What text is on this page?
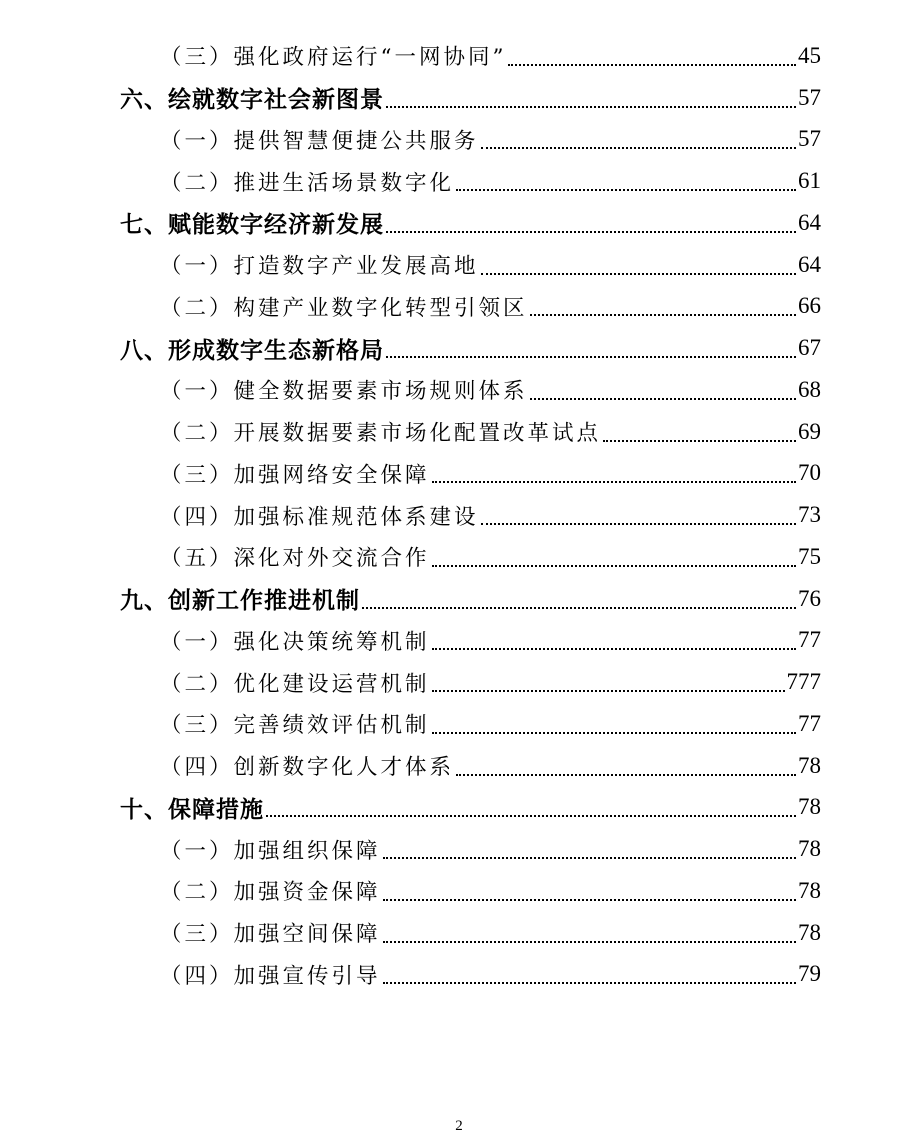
（三）强化政府运行“一网协同”	45
六、绘就数字社会新图景	57
（一）提供智慧便捷公共服务	57
（二）推进生活场景数字化	61
七、赋能数字经济新发展	64
（一）打造数字产业发展高地	64
（二）构建产业数字化转型引领区	66
八、形成数字生态新格局	67
（一）健全数据要素市场规则体系	68
（二）开展数据要素市场化配置改革试点	69
（三）加强网络安全保障	70
（四）加强标准规范体系建设	73
（五）深化对外交流合作	75
九、创新工作推进机制	76
（一）强化决策统筹机制	77
（二）优化建设运营机制	777
（三）完善绩效评估机制	77
（四）创新数字化人才体系	78
十、保障措施	78
（一）加强组织保障	78
（二）加强资金保障	78
（三）加强空间保障	78
（四）加强宣传引导	79
2
